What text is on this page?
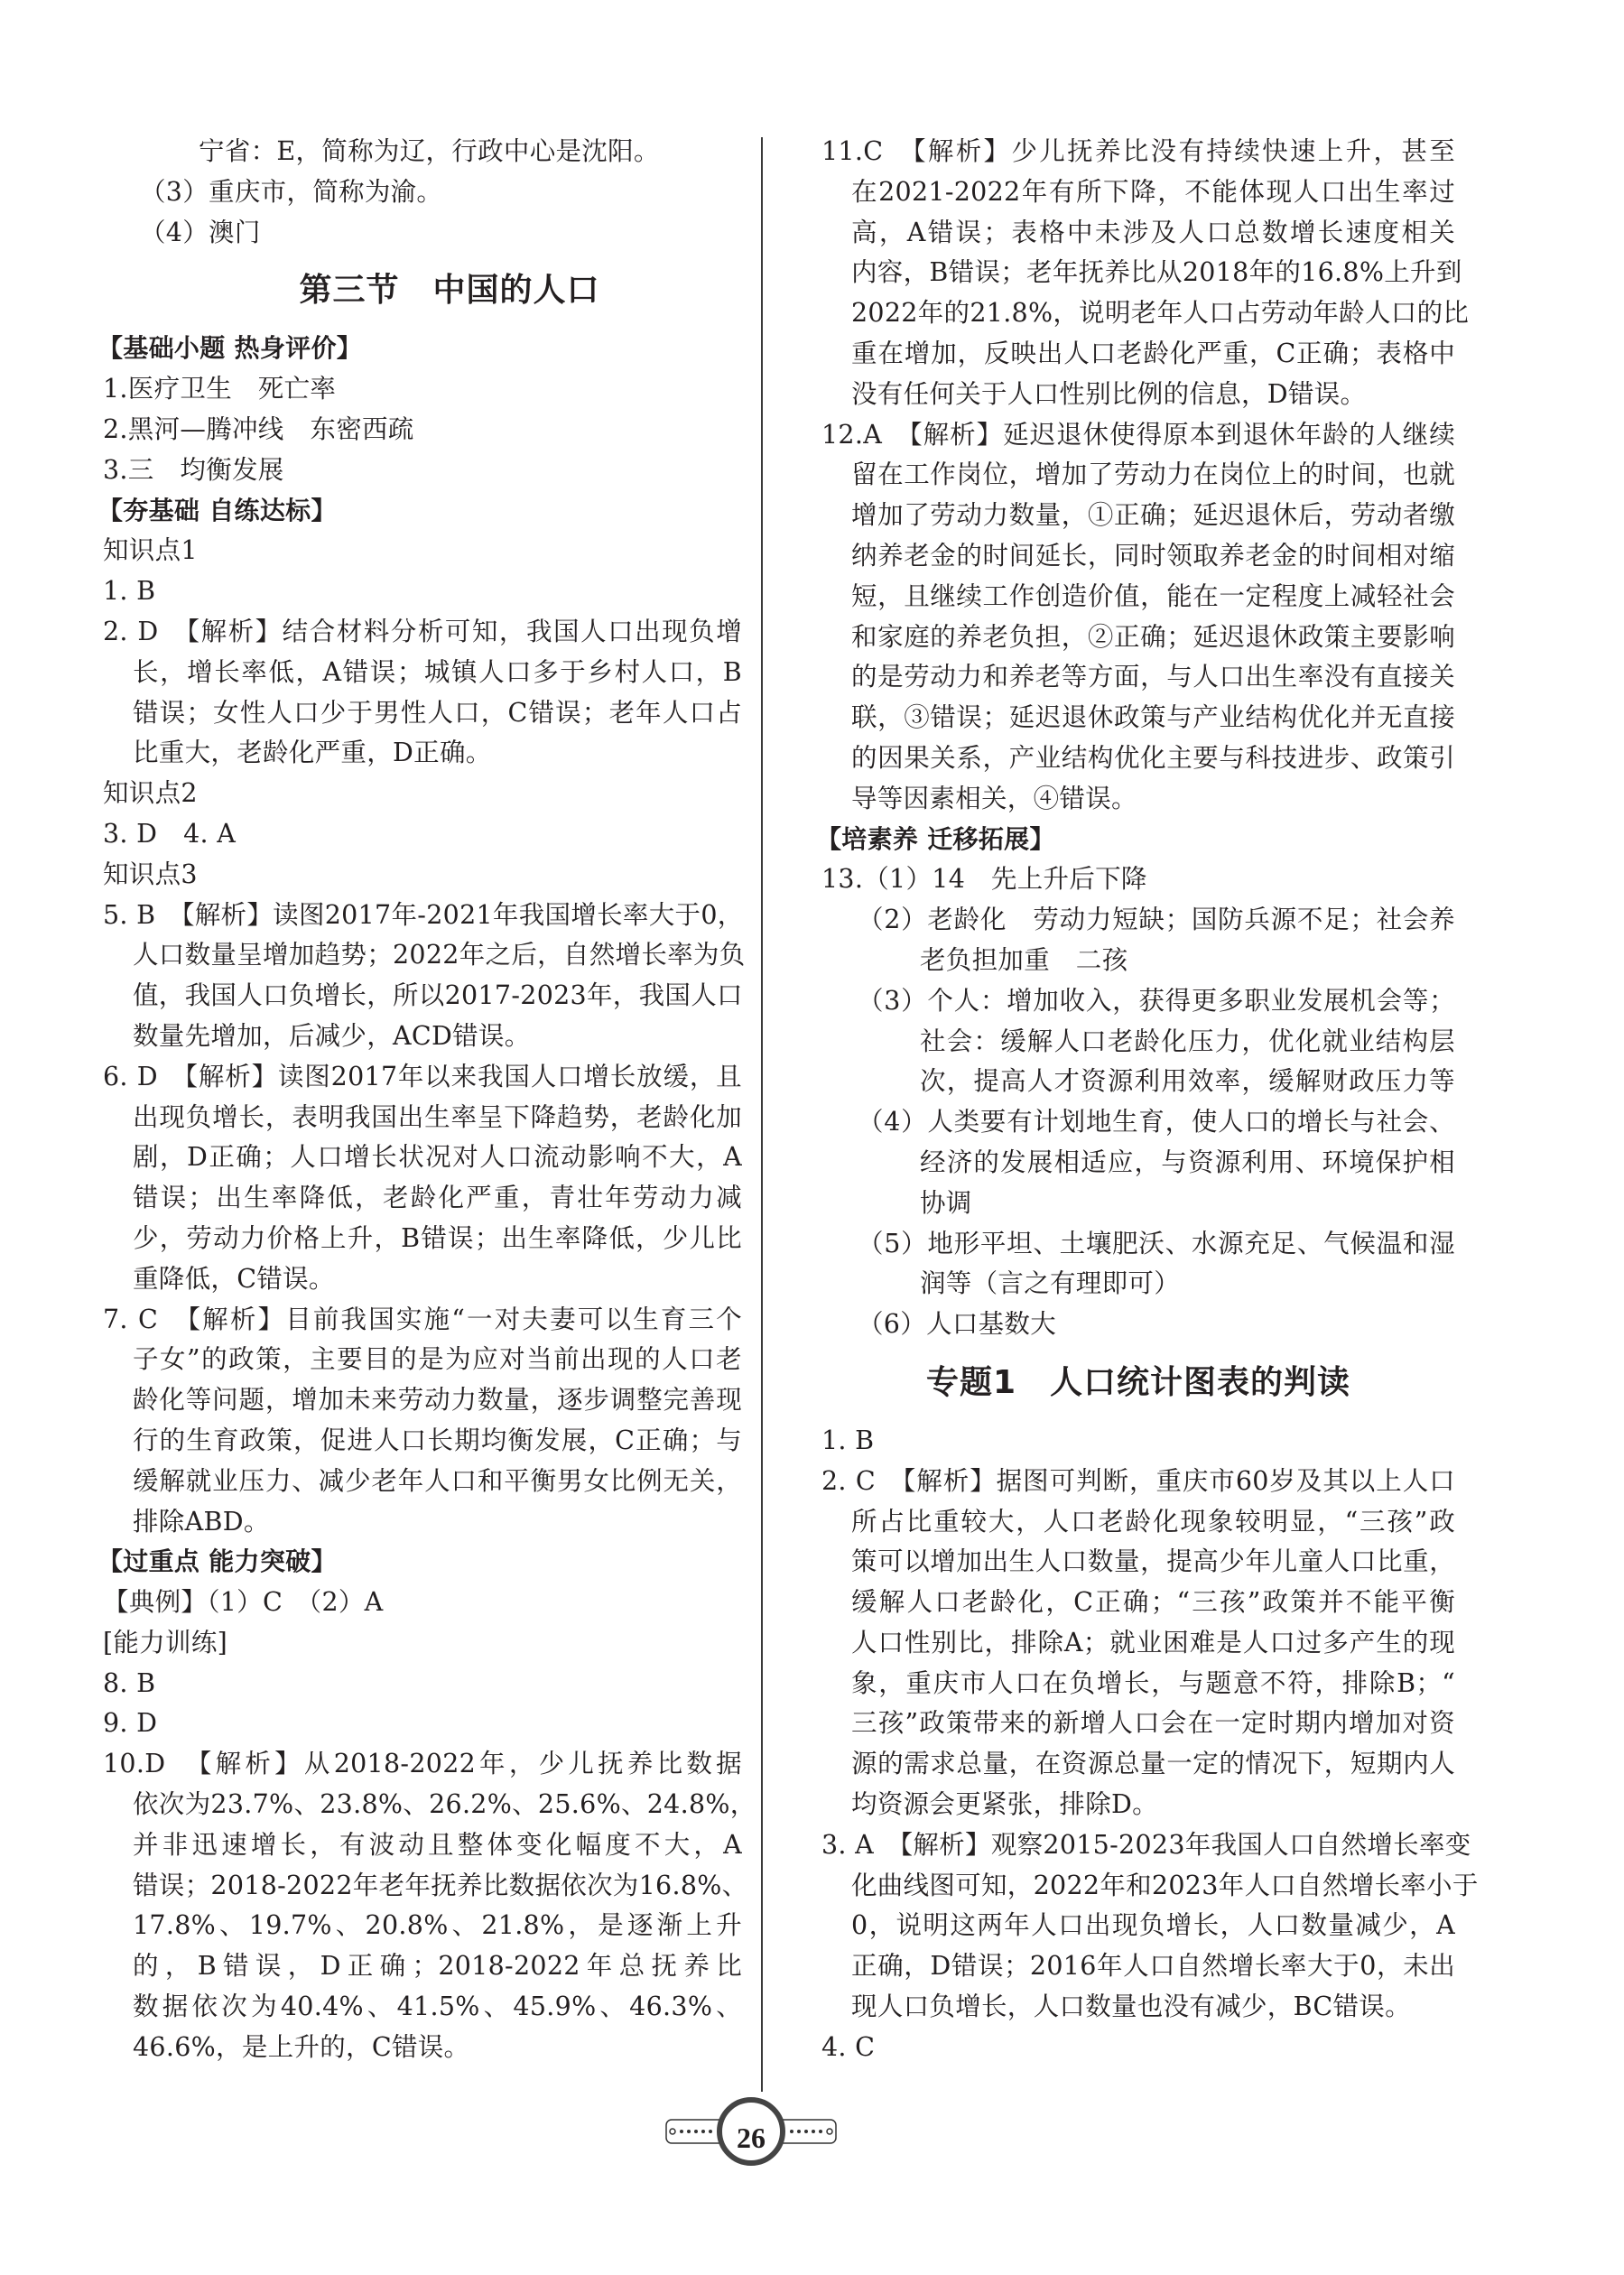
宁省：E，简称为辽，行政中心是沈阳。
（3）重庆市，简称为渝。
（4）澳门
第三节　中国的人口
【基础小题 热身评价】
1.医疗卫生　死亡率
2.黑河—腾冲线　东密西疏
3.三　均衡发展
【夯基础 自练达标】
知识点1
1. B
2. D　【解析】结合材料分析可知，我国人口出现负增
长，增长率低，A错误；城镇人口多于乡村人口，B
错误；女性人口少于男性人口，C错误；老年人口占
比重大，老龄化严重，D正确。
知识点2
3. D　4. A
知识点3
5. B　【解析】读图2017年-2021年我国增长率大于0，
人口数量呈增加趋势；2022年之后，自然增长率为负
值，我国人口负增长，所以2017-2023年，我国人口
数量先增加，后减少，ACD错误。
6. D　【解析】读图2017年以来我国人口增长放缓，且
出现负增长，表明我国出生率呈下降趋势，老龄化加
剧，D正确；人口增长状况对人口流动影响不大，A
错误；出生率降低，老龄化严重，青壮年劳动力减
少，劳动力价格上升，B错误；出生率降低，少儿比
重降低，C错误。
7. C　【解析】目前我国实施“一对夫妻可以生育三个
子女”的政策，主要目的是为应对当前出现的人口老
龄化等问题，增加未来劳动力数量，逐步调整完善现
行的生育政策，促进人口长期均衡发展，C正确；与
缓解就业压力、减少老年人口和平衡男女比例无关，
排除ABD。
【过重点 能力突破】
【典例】（1）C　（2）A
[能力训练]
8. B
9. D
10.D　【解析】从2018-2022年，少儿抚养比数据
依次为23.7%、23.8%、26.2%、25.6%、24.8%，
并非迅速增长，有波动且整体变化幅度不大，A
错误；2018-2022年老年抚养比数据依次为16.8%、
17.8%、19.7%、20.8%、21.8%，是逐渐上升
的，B错误，D正确；2018-2022年总抚养比
数据依次为40.4%、41.5%、45.9%、46.3%、
46.6%，是上升的，C错误。
11.C　【解析】少儿抚养比没有持续快速上升，甚至
在2021-2022年有所下降，不能体现人口出生率过
高，A错误；表格中未涉及人口总数增长速度相关
内容，B错误；老年抚养比从2018年的16.8%上升到
2022年的21.8%，说明老年人口占劳动年龄人口的比
重在增加，反映出人口老龄化严重，C正确；表格中
没有任何关于人口性别比例的信息，D错误。
12.A　【解析】延迟退休使得原本到退休年龄的人继续
留在工作岗位，增加了劳动力在岗位上的时间，也就
增加了劳动力数量，①正确；延迟退休后，劳动者缴
纳养老金的时间延长，同时领取养老金的时间相对缩
短，且继续工作创造价值，能在一定程度上减轻社会
和家庭的养老负担，②正确；延迟退休政策主要影响
的是劳动力和养老等方面，与人口出生率没有直接关
联，③错误；延迟退休政策与产业结构优化并无直接
的因果关系，产业结构优化主要与科技进步、政策引
导等因素相关，④错误。
【培素养 迁移拓展】
13.（1）14　先上升后下降
（2）老龄化　劳动力短缺；国防兵源不足；社会养
老负担加重　二孩
（3）个人：增加收入，获得更多职业发展机会等；
社会：缓解人口老龄化压力，优化就业结构层
次，提高人才资源利用效率，缓解财政压力等
（4）人类要有计划地生育，使人口的增长与社会、
经济的发展相适应，与资源利用、环境保护相
协调
（5）地形平坦、土壤肥沃、水源充足、气候温和湿
润等（言之有理即可）
（6）人口基数大
专题1　人口统计图表的判读
1. B
2. C　【解析】据图可判断，重庆市60岁及其以上人口
所占比重较大，人口老龄化现象较明显，“三孩”政
策可以增加出生人口数量，提高少年儿童人口比重，
缓解人口老龄化，C正确；“三孩”政策并不能平衡
人口性别比，排除A；就业困难是人口过多产生的现
象，重庆市人口在负增长，与题意不符，排除B；“
三孩”政策带来的新增人口会在一定时期内增加对资
源的需求总量，在资源总量一定的情况下，短期内人
均资源会更紧张，排除D。
3. A　【解析】观察2015-2023年我国人口自然增长率变
化曲线图可知，2022年和2023年人口自然增长率小于
0，说明这两年人口出现负增长，人口数量减少，A
正确，D错误；2016年人口自然增长率大于0，未出
现人口负增长，人口数量也没有减少，BC错误。
4. C
26
